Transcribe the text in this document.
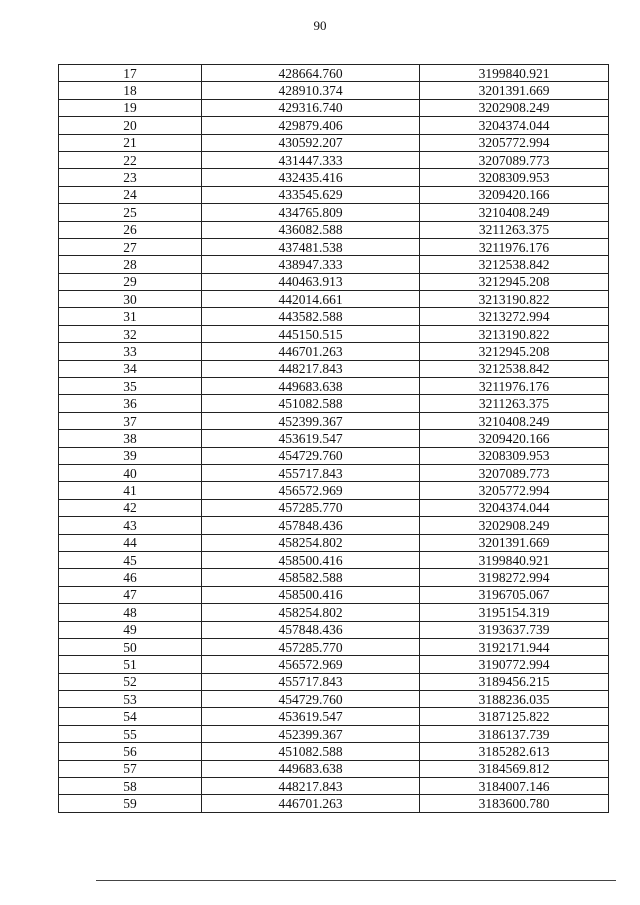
90
17	428664.760	3199840.921
18	428910.374	3201391.669
19	429316.740	3202908.249
20	429879.406	3204374.044
21	430592.207	3205772.994
22	431447.333	3207089.773
23	432435.416	3208309.953
24	433545.629	3209420.166
25	434765.809	3210408.249
26	436082.588	3211263.375
27	437481.538	3211976.176
28	438947.333	3212538.842
29	440463.913	3212945.208
30	442014.661	3213190.822
31	443582.588	3213272.994
32	445150.515	3213190.822
33	446701.263	3212945.208
34	448217.843	3212538.842
35	449683.638	3211976.176
36	451082.588	3211263.375
37	452399.367	3210408.249
38	453619.547	3209420.166
39	454729.760	3208309.953
40	455717.843	3207089.773
41	456572.969	3205772.994
42	457285.770	3204374.044
43	457848.436	3202908.249
44	458254.802	3201391.669
45	458500.416	3199840.921
46	458582.588	3198272.994
47	458500.416	3196705.067
48	458254.802	3195154.319
49	457848.436	3193637.739
50	457285.770	3192171.944
51	456572.969	3190772.994
52	455717.843	3189456.215
53	454729.760	3188236.035
54	453619.547	3187125.822
55	452399.367	3186137.739
56	451082.588	3185282.613
57	449683.638	3184569.812
58	448217.843	3184007.146
59	446701.263	3183600.780
